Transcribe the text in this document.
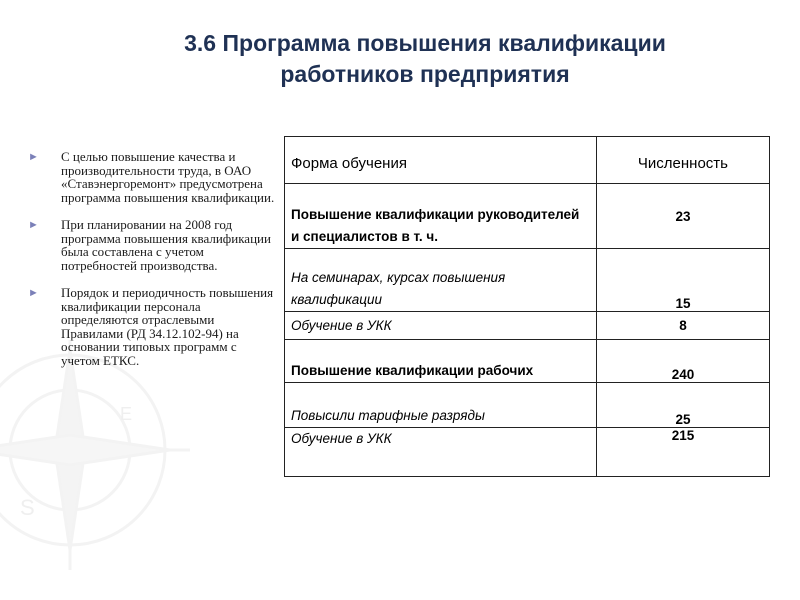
S
E
3.6 Программа повышения квалификации
работников предприятия
► С целью повышение качества и производительности труда, в ОАО «Ставэнергоремонт» предусмотрена программа повышения квалификации.
► При планировании на 2008 год программа повышения квалификации была составлена с учетом потребностей производства.
► Порядок и периодичность повышения квалификации персонала определяются отраслевыми Правилами (РД 34.12.102-94) на основании типовых программ с учетом ЕТКС.
Форма обучения	Численность
Повышение квалификации руководителей и специалистов в т. ч.	23
На семинарах, курсах повышения квалификации	15
Обучение в УКК	8
Повышение квалификации рабочих	240
Повысили тарифные разряды	25
Обучение в УКК	215
